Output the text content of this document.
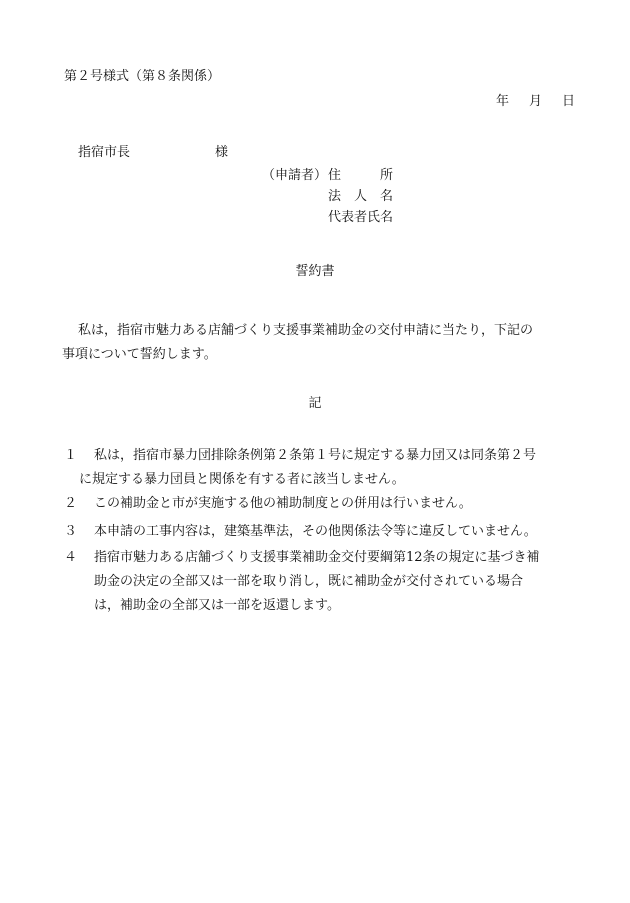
第２号様式（第８条関係）
年 月 日
指宿市長	様
（申請者） 住　　　所
法　人　名
代表者氏名
誓約書

私は，指宿市魅力ある店舗づくり支援事業補助金の交付申請に当たり，下記の

事項について誓約します。

記
１	私は，指宿市暴力団排除条例第２条第１号に規定する暴力団又は同条第２号
に規定する暴力団員と関係を有する者に該当しません。
２	この補助金と市が実施する他の補助制度との併用は行いません。
３	本申請の工事内容は，建築基準法，その他関係法令等に違反していません。
４	指宿市魅力ある店舗づくり支援事業補助金交付要綱第12条の規定に基づき補
助金の決定の全部又は一部を取り消し，既に補助金が交付されている場合
は，補助金の全部又は一部を返還します。
